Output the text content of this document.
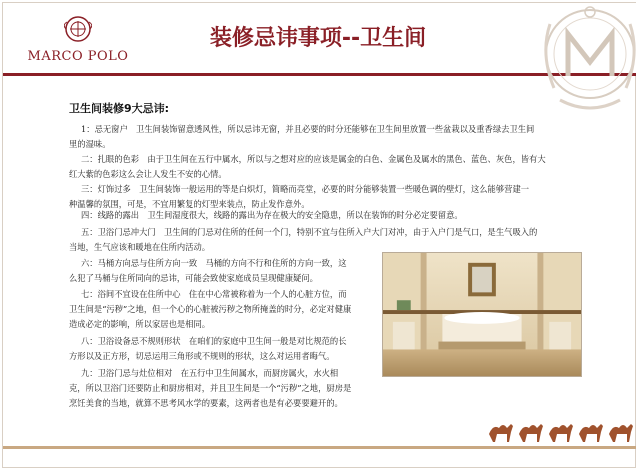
MARCO POLO
装修忌讳事项--卫生间
卫生间装修9大忌讳:
1：忌无窗户　卫生间装饰留意透风性，所以忌讳无窗，并且必要的时分还能够在卫生间里放置一些盆栽以及重香绿去卫生间
里的湿味。
二：扎眼的色彩　由于卫生间在五行中属水，所以与之想对应的应该是属金的白色、金属色及属水的黑色、蓝色、灰色，皆有大
红大紫的色彩这么会让人发生不安的心情。
三：灯饰过多　卫生间装饰一般运用的等是白炽灯，简略而亮堂，必要的时分能够装置一些暖色调的壁灯，这么能够营建一
种温馨的氛围，可是，不宜用繁复的灯型来装点，防止发作意外。
四：线路的露出　卫生间湿度很大，线路的露出为存在极大的安全隐患，所以在装饰的时分必定要留意。
五：卫浴门忌冲大门　卫生间的门忌对住所的任何一个门，特别不宜与住所入户大门对冲，由于入户门是气口，是生气吸入的
当地，生气应该和暖地在住所内活动。
六：马桶方向忌与住所方向一致　马桶的方向不行和住所的方向一致，这
么犯了马桶与住所同向的忌讳，可能会致使家庭成员呈现健康疑问。
七：浴间不宜设在住所中心　住在中心常被称着为一个人的心脏方位，而
卫生间是“污秽”之地，但一个心的心脏被污秽之物所掩盖的时分，必定对健康
造成必定的影响，所以家居也是相同。
八：卫浴设备忌不规则形状　在咱们的家庭中卫生间一般是对比规范的长
方形以及正方形，切忌运用三角形或不规则的形状，这么对运用者晦气。
九：卫浴门忌与灶位相对　在五行中卫生间属水，而厨房属火，水火相
克，所以卫浴门还要防止和厨房相对，并且卫生间是一个“污秽”之地，厨房是
烹饪美食的当地，就算不思考风水学的要素，这两者也是有必要要避开的。
